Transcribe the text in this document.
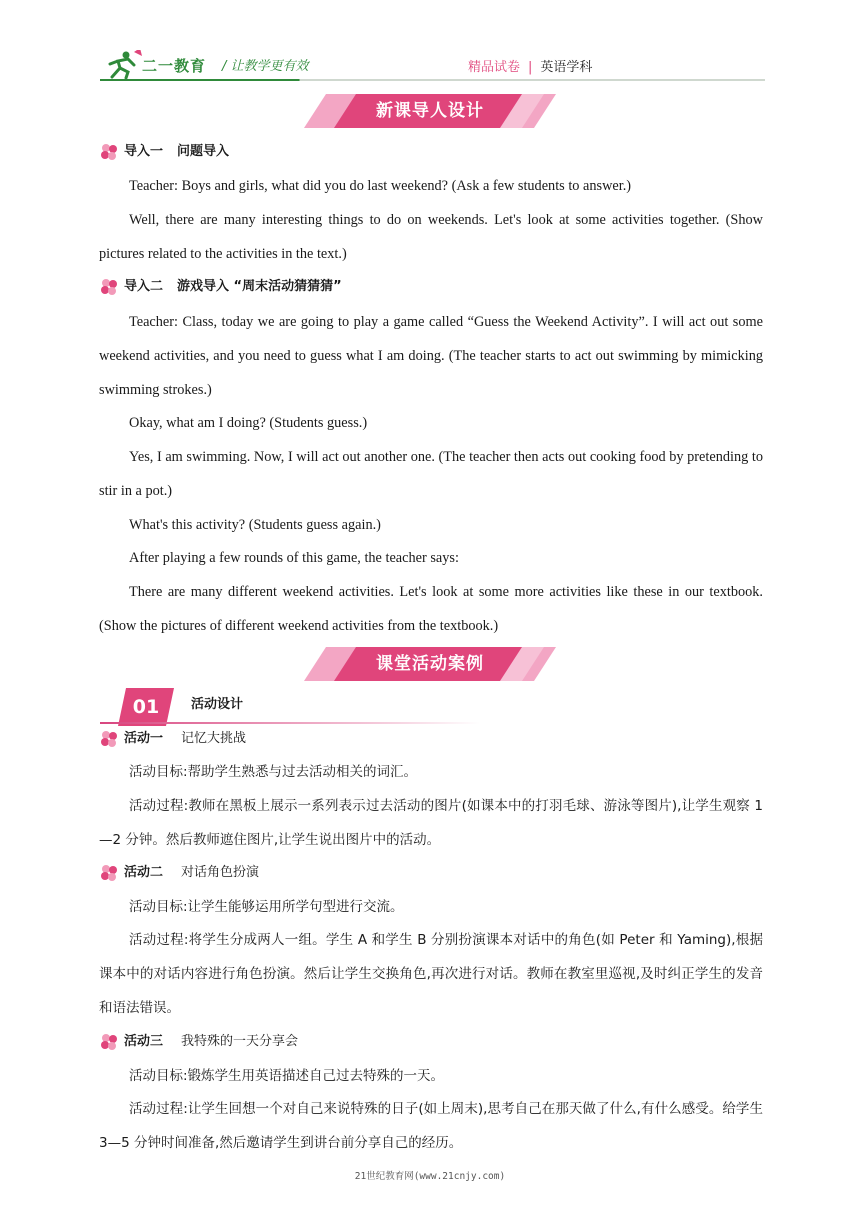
二一教育 / 让教学更有效	精品试卷 | 英语学科
新课导人设计
导入一 问题导入
Teacher: Boys and girls, what did you do last weekend? (Ask a few students to answer.)
Well, there are many interesting things to do on weekends. Let's look at some activities together. (Show pictures related to the activities in the text.)
导入二 游戏导入 “周末活动猜猜猜”
Teacher: Class, today we are going to play a game called “Guess the Weekend Activity”. I will act out some weekend activities, and you need to guess what I am doing. (The teacher starts to act out swimming by mimicking swimming strokes.)
Okay, what am I doing? (Students guess.)
Yes, I am swimming. Now, I will act out another one. (The teacher then acts out cooking food by pretending to stir in a pot.)
What's this activity? (Students guess again.)
After playing a few rounds of this game, the teacher says:
There are many different weekend activities. Let's look at some more activities like these in our textbook. (Show the pictures of different weekend activities from the textbook.)
课堂活动案例
01	活动设计
活动一 记忆大挑战
活动目标:帮助学生熟悉与过去活动相关的词汇。
活动过程:教师在黑板上展示一系列表示过去活动的图片(如课本中的打羽毛球、游泳等图片),让学生观察 1—2 分钟。然后教师遮住图片,让学生说出图片中的活动。
活动二 对话角色扮演
活动目标:让学生能够运用所学句型进行交流。
活动过程:将学生分成两人一组。学生 A 和学生 B 分别扮演课本对话中的角色(如 Peter 和 Yaming),根据课本中的对话内容进行角色扮演。然后让学生交换角色,再次进行对话。教师在教室里巡视,及时纠正学生的发音和语法错误。
活动三 我特殊的一天分享会
活动目标:锻炼学生用英语描述自己过去特殊的一天。
活动过程:让学生回想一个对自己来说特殊的日子(如上周末),思考自己在那天做了什么,有什么感受。给学生 3—5 分钟时间准备,然后邀请学生到讲台前分享自己的经历。
21世纪教育网(www.21cnjy.com)
